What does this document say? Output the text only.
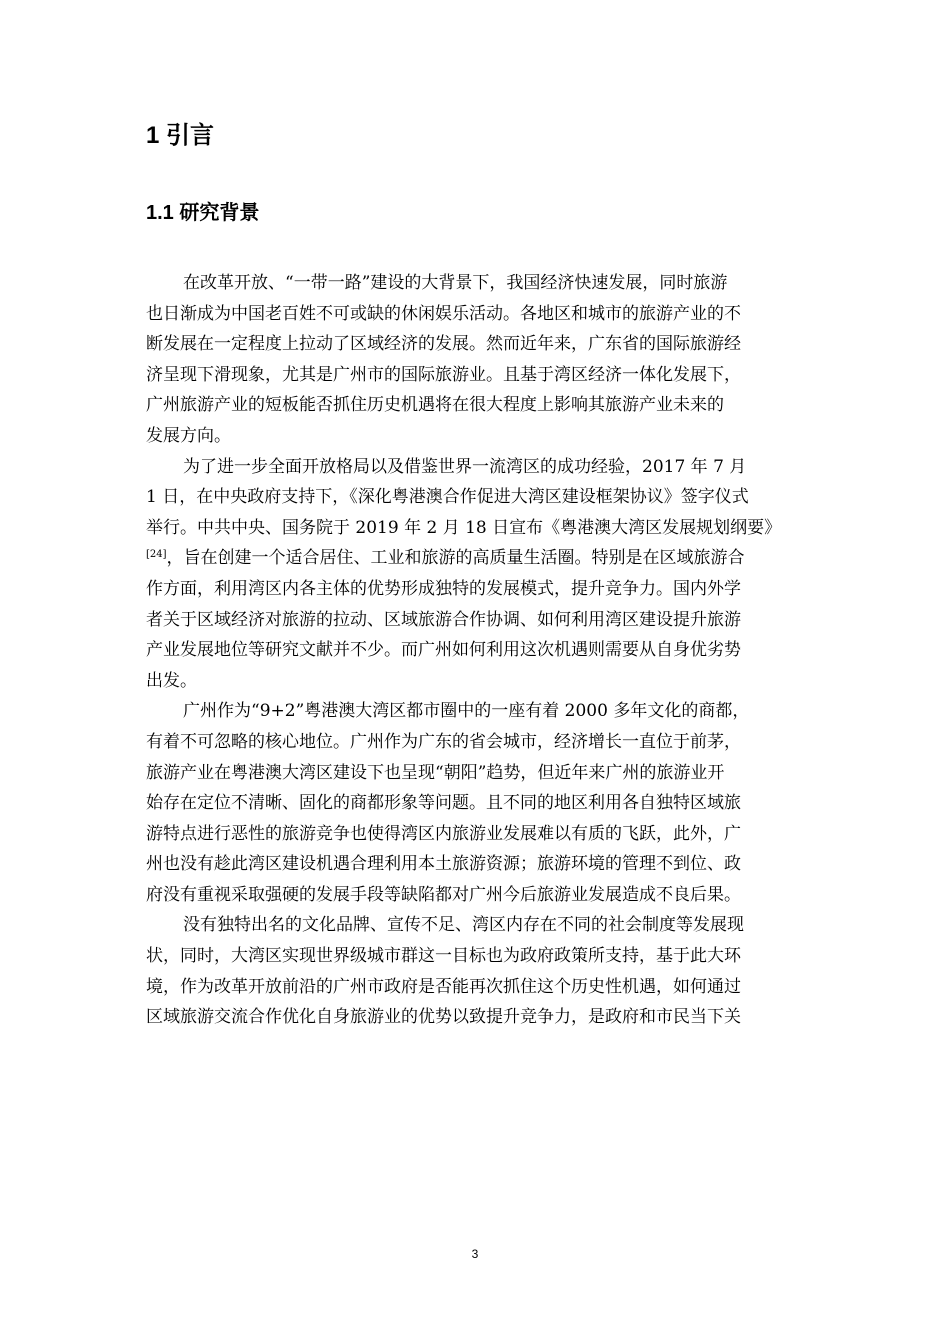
1 引言
1.1 研究背景
在改革开放、“一带一路”建设的大背景下，我国经济快速发展，同时旅游
也日渐成为中国老百姓不可或缺的休闲娱乐活动。各地区和城市的旅游产业的不
断发展在一定程度上拉动了区域经济的发展。然而近年来，广东省的国际旅游经
济呈现下滑现象，尤其是广州市的国际旅游业。且基于湾区经济一体化发展下，
广州旅游产业的短板能否抓住历史机遇将在很大程度上影响其旅游产业未来的
发展方向。
为了进一步全面开放格局以及借鉴世界一流湾区的成功经验，2017 年 7 月
1 日，在中央政府支持下，《深化粤港澳合作促进大湾区建设框架协议》签字仪式
举行。中共中央、国务院于 2019 年 2 月 18 日宣布《粤港澳大湾区发展规划纲要》
[24]，旨在创建一个适合居住、工业和旅游的高质量生活圈。特别是在区域旅游合
作方面，利用湾区内各主体的优势形成独特的发展模式，提升竞争力。国内外学
者关于区域经济对旅游的拉动、区域旅游合作协调、如何利用湾区建设提升旅游
产业发展地位等研究文献并不少。而广州如何利用这次机遇则需要从自身优劣势
出发。
广州作为“9+2”粤港澳大湾区都市圈中的一座有着 2000 多年文化的商都，
有着不可忽略的核心地位。广州作为广东的省会城市，经济增长一直位于前茅，
旅游产业在粤港澳大湾区建设下也呈现“朝阳”趋势，但近年来广州的旅游业开
始存在定位不清晰、固化的商都形象等问题。且不同的地区利用各自独特区域旅
游特点进行恶性的旅游竞争也使得湾区内旅游业发展难以有质的飞跃，此外，广
州也没有趁此湾区建设机遇合理利用本土旅游资源；旅游环境的管理不到位、政
府没有重视采取强硬的发展手段等缺陷都对广州今后旅游业发展造成不良后果。
没有独特出名的文化品牌、宣传不足、湾区内存在不同的社会制度等发展现
状，同时，大湾区实现世界级城市群这一目标也为政府政策所支持，基于此大环
境，作为改革开放前沿的广州市政府是否能再次抓住这个历史性机遇，如何通过
区域旅游交流合作优化自身旅游业的优势以致提升竞争力，是政府和市民当下关
3
